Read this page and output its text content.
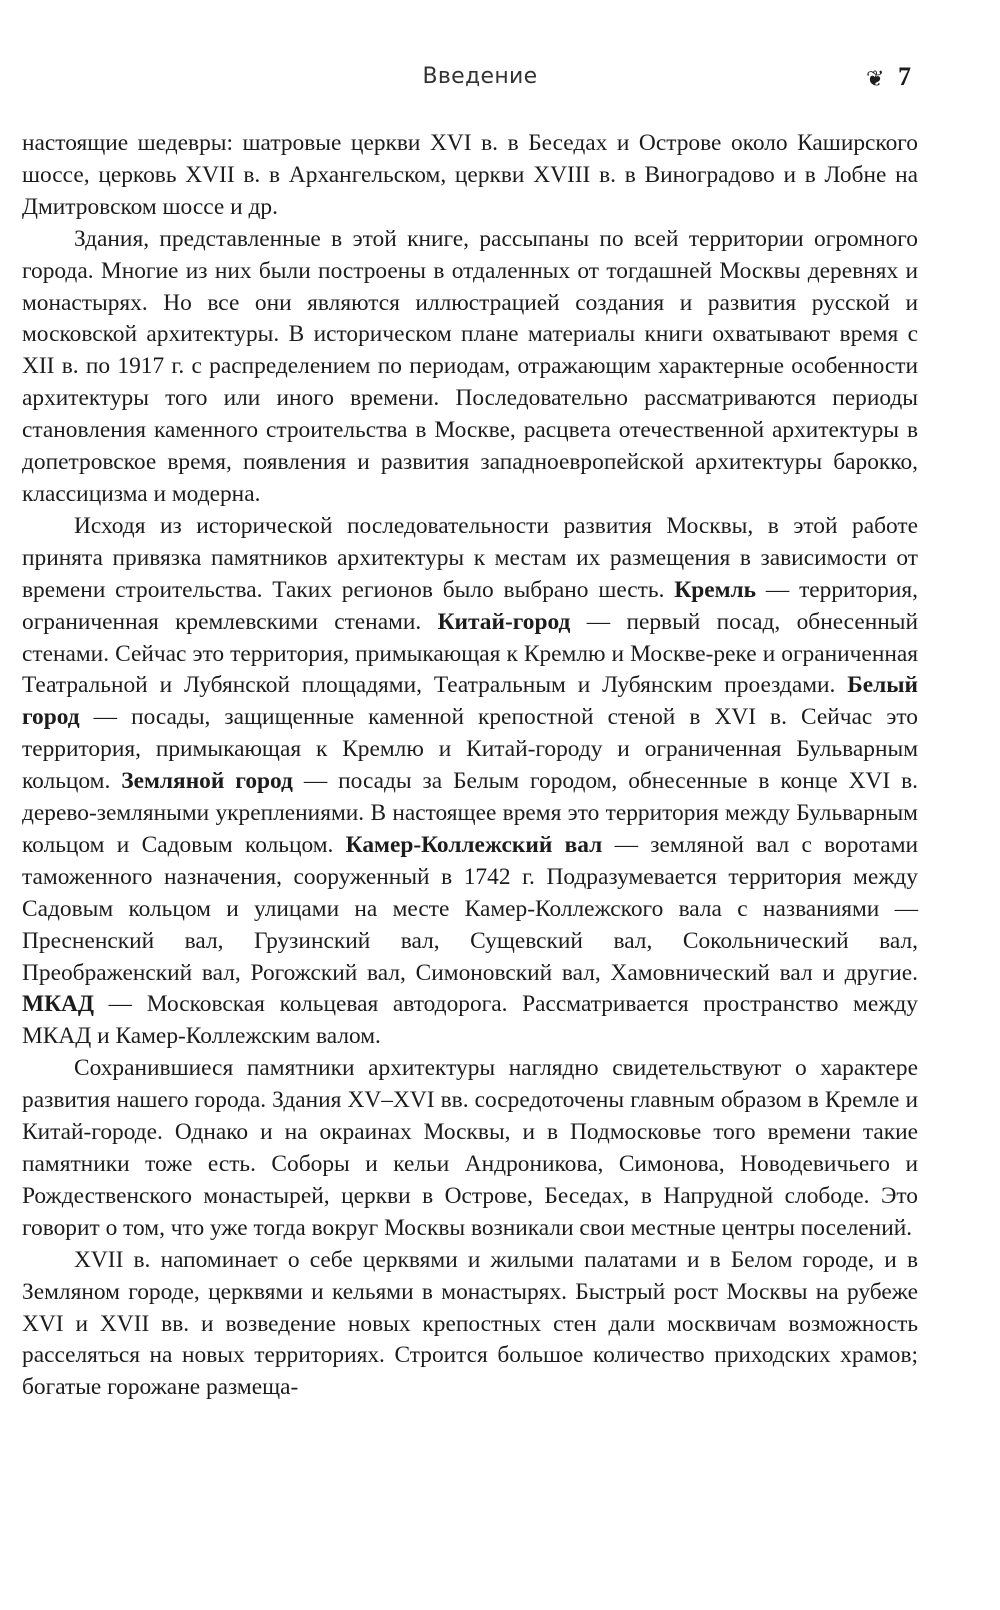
Введение	❦ 7

настоящие шедевры: шатровые церкви XVI в. в Беседах и Острове около Каширского шоссе, церковь XVII в. в Архангельском, церкви XVIII в. в Виноградово и в Лобне на Дмитровском шоссе и др.

Здания, представленные в этой книге, рассыпаны по всей территории огромного города. Многие из них были построены в отдаленных от тогдашней Москвы деревнях и монастырях. Но все они являются иллюстрацией создания и развития русской и московской архитектуры. В историческом плане материалы книги охватывают время с XII в. по 1917 г. с распределением по периодам, отражающим характерные особенности архитектуры того или иного времени. Последовательно рассматриваются периоды становления каменного строительства в Москве, расцвета отечественной архитектуры в допетровское время, появления и развития западноевропейской архитектуры барокко, классицизма и модерна.

Исходя из исторической последовательности развития Москвы, в этой работе принята привязка памятников архитектуры к местам их размещения в зависимости от времени строительства. Таких регионов было выбрано шесть. Кремль — территория, ограниченная кремлевскими стенами. Китай-город — первый посад, обнесенный стенами. Сейчас это территория, примыкающая к Кремлю и Москве-реке и ограниченная Театральной и Лубянской площадями, Театральным и Лубянским проездами. Белый город — посады, защищенные каменной крепостной стеной в XVI в. Сейчас это территория, примыкающая к Кремлю и Китай-городу и ограниченная Бульварным кольцом. Земляной город — посады за Белым городом, обнесенные в конце XVI в. дерево-земляными укреплениями. В настоящее время это территория между Бульварным кольцом и Садовым кольцом. Камер-Коллежский вал — земляной вал с воротами таможенного назначения, сооруженный в 1742 г. Подразумевается территория между Садовым кольцом и улицами на месте Камер-Коллежского вала с названиями — Пресненский вал, Грузинский вал, Сущевский вал, Сокольнический вал, Преображенский вал, Рогожский вал, Симоновский вал, Хамовнический вал и другие. МКАД — Московская кольцевая автодорога. Рассматривается пространство между МКАД и Камер-Коллежским валом.

Сохранившиеся памятники архитектуры наглядно свидетельствуют о характере развития нашего города. Здания XV–XVI вв. сосредоточены главным образом в Кремле и Китай-городе. Однако и на окраинах Москвы, и в Подмосковье того времени такие памятники тоже есть. Соборы и кельи Андроникова, Симонова, Новодевичьего и Рождественского монастырей, церкви в Острове, Беседах, в Напрудной слободе. Это говорит о том, что уже тогда вокруг Москвы возникали свои местные центры поселений.

XVII в. напоминает о себе церквями и жилыми палатами и в Белом городе, и в Земляном городе, церквями и кельями в монастырях. Быстрый рост Москвы на рубеже XVI и XVII вв. и возведение новых крепостных стен дали москвичам возможность расселяться на новых территориях. Строится большое количество приходских храмов; богатые горожане размеща-
